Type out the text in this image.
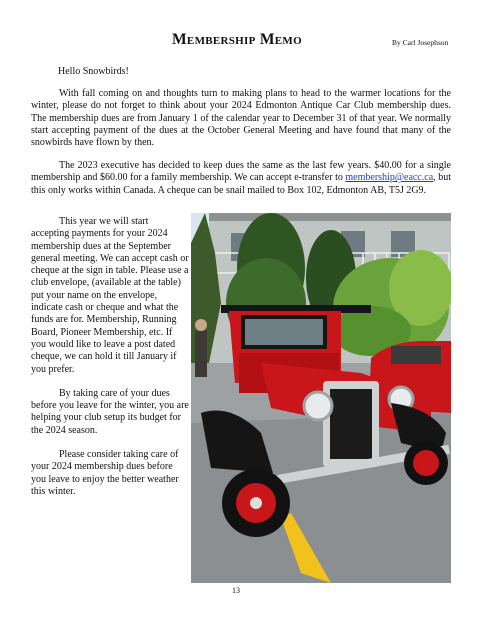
Membership Memo	By Carl Josephson
Hello Snowbirds!
With fall coming on and thoughts turn to making plans to head to the warmer locations for the winter, please do not forget to think about your 2024 Edmonton Antique Car Club membership dues. The membership dues are from January 1 of the calendar year to December 31 of that year. We normally start accepting payment of the dues at the October General Meeting and have found that many of the snowbirds have flown by then.
The 2023 executive has decided to keep dues the same as the last few years. $40.00 for a single membership and $60.00 for a family membership. We can accept e-transfer to membership@eacc.ca, but this only works within Canada. A cheque can be snail mailed to Box 102, Edmonton AB, T5J 2G9.

This year we will start accepting payments for your 2024 membership dues at the September general meeting. We can accept cash or cheque at the sign in table. Please use a club envelope, (available at the table) put your name on the envelope, indicate cash or cheque and what the funds are for. Membership, Running Board, Pioneer Membership, etc. If you would like to leave a post dated cheque, we can hold it till January if you prefer.

By taking care of your dues before you leave for the winter, you are helping your club setup its budget for the 2024 season.

Please consider taking care of your 2024 membership dues before you leave to enjoy the better weather this winter.

13
